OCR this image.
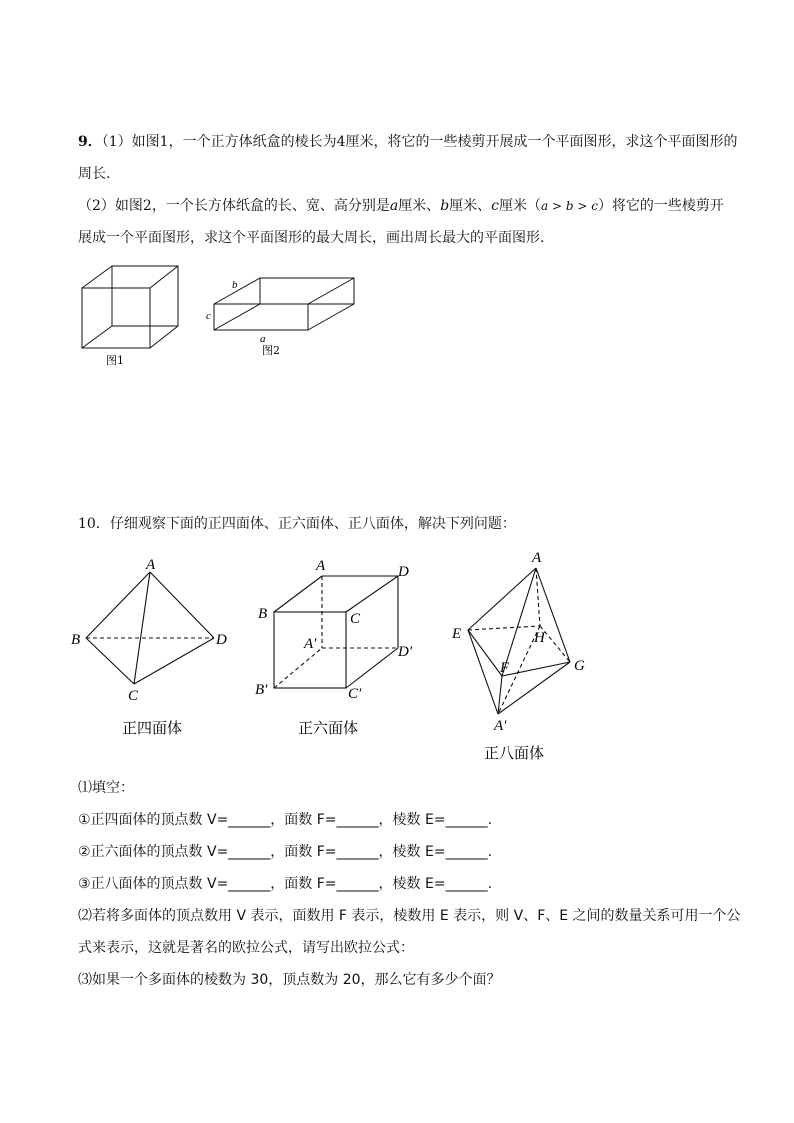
9．（1）如图1，一个正方体纸盒的棱长为4厘米，将它的一些棱剪开展成一个平面图形，求这个平面图形的
周长.
（2）如图2，一个长方体纸盒的长、宽、高分别是a厘米、b厘米、c厘米（a > b > c）将它的一些棱剪开
展成一个平面图形，求这个平面图形的最大周长，画出周长最大的平面图形.
图1
b
c
a
图2
10．仔细观察下面的正四面体、正六面体、正八面体，解决下列问题：
A
B
C
D
正四面体
A	D
B	C
A′	D′
B′	C′
正六面体
A
E	H
F	G
A′
正八面体
⑴填空：
①正四面体的顶点数 V=______，面数 F=______，棱数 E=______.
②正六面体的顶点数 V=______，面数 F=______，棱数 E=______.
③正八面体的顶点数 V=______，面数 F=______，棱数 E=______.
⑵若将多面体的顶点数用 V 表示，面数用 F 表示，棱数用 E 表示，则 V、F、E 之间的数量关系可用一个公
式来表示，这就是著名的欧拉公式，请写出欧拉公式：
⑶如果一个多面体的棱数为 30，顶点数为 20，那么它有多少个面？
